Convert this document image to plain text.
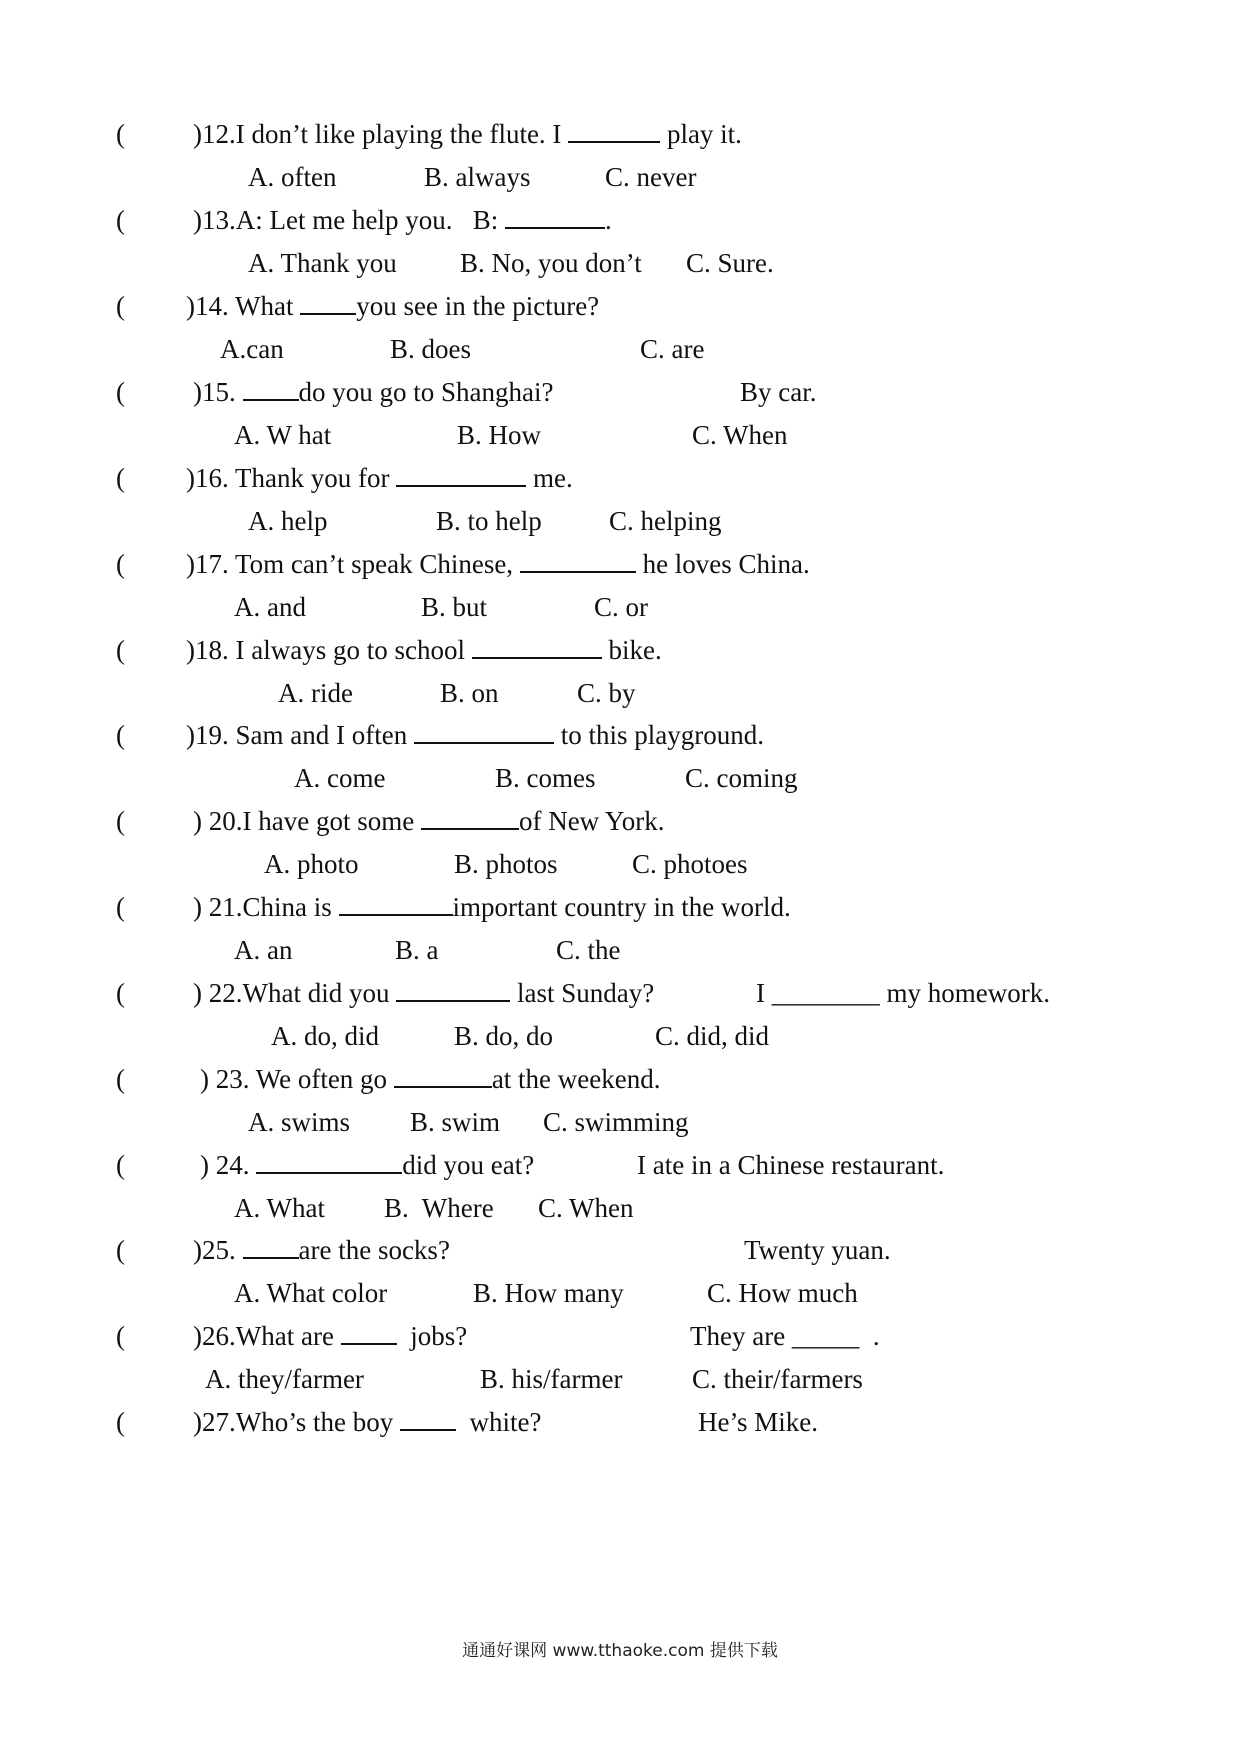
(	)12.I don’t like playing the flute. I	play it.
A. often	B. always	C. never
(	)13.A: Let me help you.   B:	.
A. Thank you B. No, you don’t C. Sure.
( )14. What you see in the picture?
A.can	B. does	C. are
(	)15. do you go to Shanghai?	By car.
A. W hat	B. How	C. When
( )16. Thank you for	me.
A. help	B. to help C. helping
( )17. Tom can’t speak Chinese,	he loves China.
A. and	B. but	C. or
( )18. I always go to school	bike.
A. ride	B. on	C. by
( )19. Sam and I often	to this playground.
A. come	B. comes	C. coming
(	) 20.I have got some	of New York.
A. photo	B. photos	C. photoes
(	) 21.China is	important country in the world.
A. an	B. a	C. the
(	) 22.What did you	last Sunday?	I ________ my homework.
A. do, did	B. do, do	C. did, did
(	) 23. We often go	at the weekend.
A. swims B. swim C. swimming
(	) 24.	did you eat?	I ate in a Chinese restaurant.
A. What B.  Where C. When
(	)25. are the socks?	Twenty yuan.
A. What color	B. How many	C. How much
(	)26.What are   jobs?	They are _____  .
A. they/farmer	B. his/farmer	C. their/farmers
(	)27.Who’s the boy   white?	He’s Mike.
通通好课网 www.tthaoke.com 提供下载
